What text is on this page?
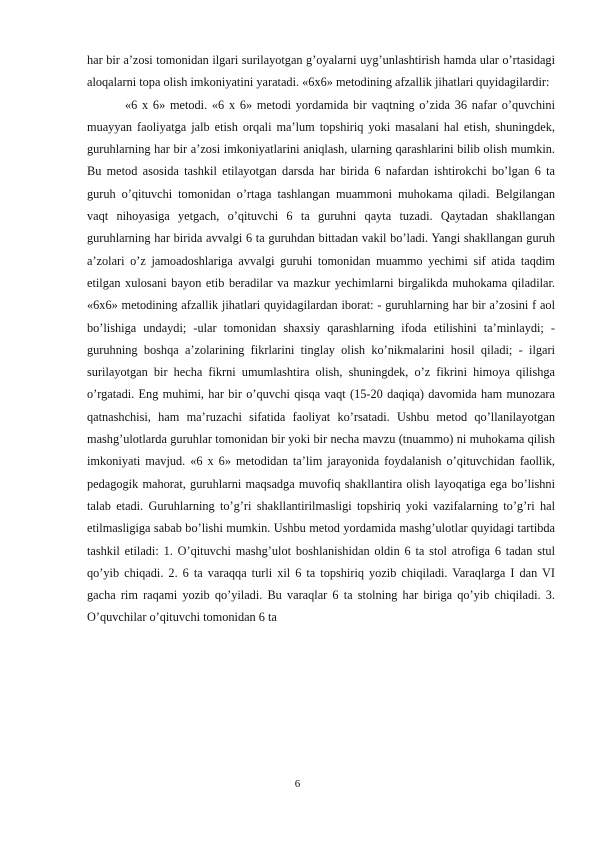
har bir a’zosi tomonidan ilgari surilayotgan g’oyalarni uyg’unlashtirish hamda ular o’rtasidagi aloqalarni topa olish imkoniyatini yaratadi. «6x6» metodining afzallik jihatlari quyidagilardir:

«6 x 6» metodi. «6 x 6» metodi yordamida bir vaqtning o’zida 36 nafar o’quvchini muayyan faoliyatga jalb etish orqali ma’lum topshiriq yoki masalani hal etish, shuningdek, guruhlarning har bir a’zosi imkoniyatlarini aniqlash, ularning qarashlarini bilib olish mumkin. Bu metod asosida tashkil etilayotgan darsda har birida 6 nafardan ishtirokchi bo’lgan 6 ta guruh o’qituvchi tomonidan o’rtaga tashlangan muammoni muhokama qiladi. Belgilangan vaqt nihoyasiga yetgach, o’qituvchi 6 ta guruhni qayta tuzadi. Qaytadan shakllangan guruhlarning har birida avvalgi 6 ta guruhdan bittadan vakil bo’ladi. Yangi shakllangan guruh a’zolari o’z jamoadoshlariga avvalgi guruhi tomonidan muammo yechimi sif atida taqdim etilgan xulosani bayon etib beradilar va mazkur yechimlarni birgalikda muhokama qiladilar. «6x6» metodining afzallik jihatlari quyidagilardan iborat: - guruhlarning har bir a’zosini f aol bo’lishiga undaydi; -ular tomonidan shaxsiy qarashlarning ifoda etilishini ta’minlaydi; - guruhning boshqa a’zolarining fikrlarini tinglay olish ko’nikmalarini hosil qiladi; - ilgari surilayotgan bir hecha fikrni umumlashtira olish, shuningdek, o’z fikrini himoya qilishga o’rgatadi. Eng muhimi, har bir o’quvchi qisqa vaqt (15-20 daqiqa) davomida ham munozara qatnashchisi, ham ma’ruzachi sifatida faoliyat ko’rsatadi. Ushbu metod qo’llanilayotgan mashg’ulotlarda guruhlar tomonidan bir yoki bir necha mavzu (tnuammo) ni muhokama qilish imkoniyati mavjud. «6 x 6» metodidan ta’lim jarayonida foydalanish o’qituvchidan faollik, pedagogik mahorat, guruhlarni maqsadga muvofiq shakllantira olish layoqatiga ega bo’lishni talab etadi. Guruhlarning to’g’ri shakllantirilmasligi topshiriq yoki vazifalarning to’g’ri hal etilmasligiga sabab bo’lishi mumkin. Ushbu metod yordamida mashg’ulotlar quyidagi tartibda tashkil etiladi: 1. O’qituvchi mashg’ulot boshlanishidan oldin 6 ta stol atrofiga 6 tadan stul qo’yib chiqadi. 2. 6 ta varaqqa turli xil 6 ta topshiriq yozib chiqiladi. Varaqlarga I dan VI gacha rim raqami yozib qo’yiladi. Bu varaqlar 6 ta stolning har biriga qo’yib chiqiladi. 3. O’quvchilar o’qituvchi tomonidan 6 ta

6
